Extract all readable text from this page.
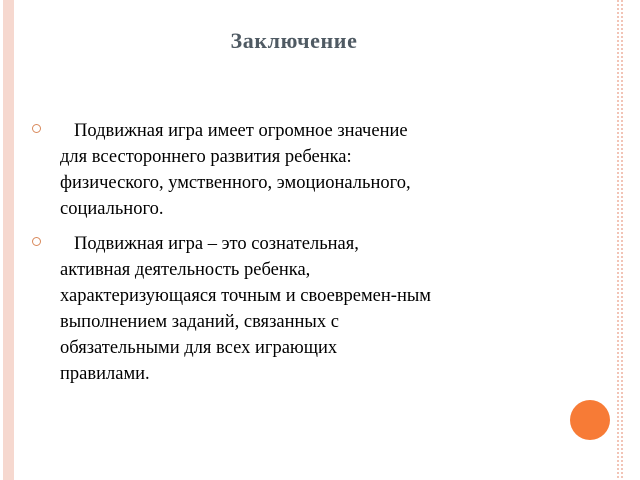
Заключение
Подвижная игра имеет огромное значение
для всестороннего развития ребенка:
физического, умственного, эмоционального,
социального.
Подвижная игра – это сознательная,
активная деятельность ребенка,
характеризующаяся точным и своевремен-ным
выполнением заданий, связанных с
обязательными для всех играющих
правилами.
